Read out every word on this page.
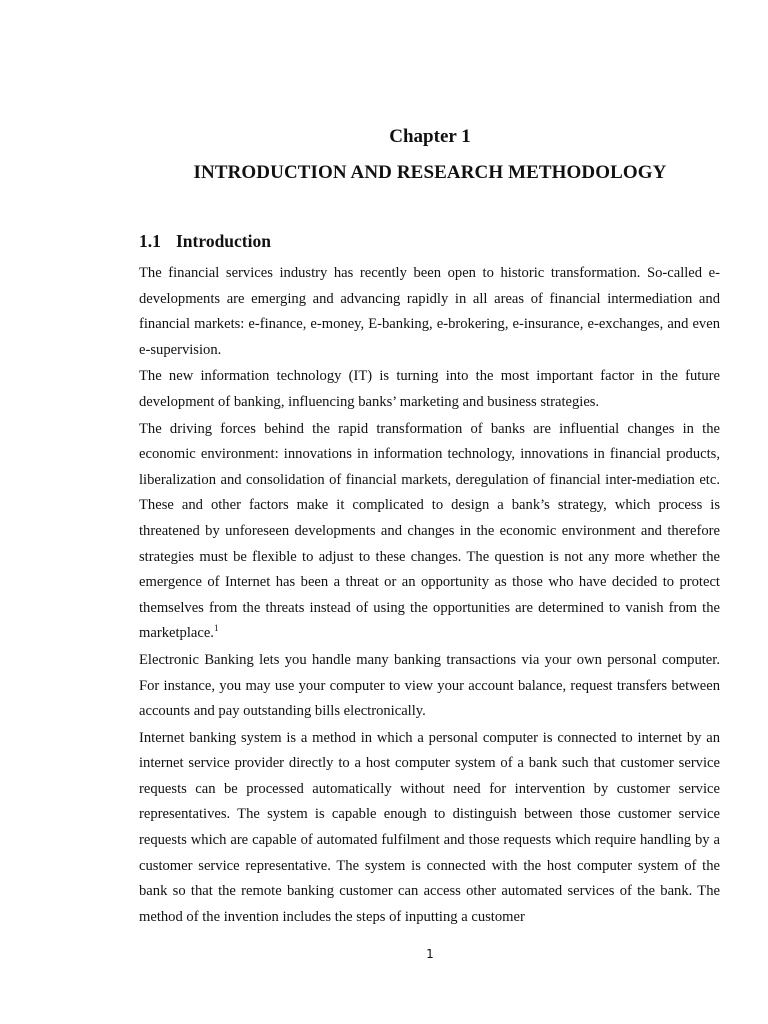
Chapter 1
INTRODUCTION AND RESEARCH METHODOLOGY
1.1 Introduction

The financial services industry has recently been open to historic transformation. So-called e-developments are emerging and advancing rapidly in all areas of financial intermediation and financial markets: e-finance, e-money, E-banking, e-brokering, e-insurance, e-exchanges, and even e-supervision.

The new information technology (IT) is turning into the most important factor in the future development of banking, influencing banks’ marketing and business strategies.

The driving forces behind the rapid transformation of banks are influential changes in the economic environment: innovations in information technology, innovations in financial products, liberalization and consolidation of financial markets, deregulation of financial inter-mediation etc. These and other factors make it complicated to design a bank’s strategy, which process is threatened by unforeseen developments and changes in the economic environment and therefore strategies must be flexible to adjust to these changes. The question is not any more whether the emergence of Internet has been a threat or an opportunity as those who have decided to protect themselves from the threats instead of using the opportunities are determined to vanish from the marketplace.$^1$

Electronic Banking lets you handle many banking transactions via your own personal computer. For instance, you may use your computer to view your account balance, request transfers between accounts and pay outstanding bills electronically.

Internet banking system is a method in which a personal computer is connected to internet by an internet service provider directly to a host computer system of a bank such that customer service requests can be processed automatically without need for intervention by customer service representatives. The system is capable enough to distinguish between those customer service requests which are capable of automated fulfilment and those requests which require handling by a customer service representative. The system is connected with the host computer system of the bank so that the remote banking customer can access other automated services of the bank. The method of the invention includes the steps of inputting a customer

1
